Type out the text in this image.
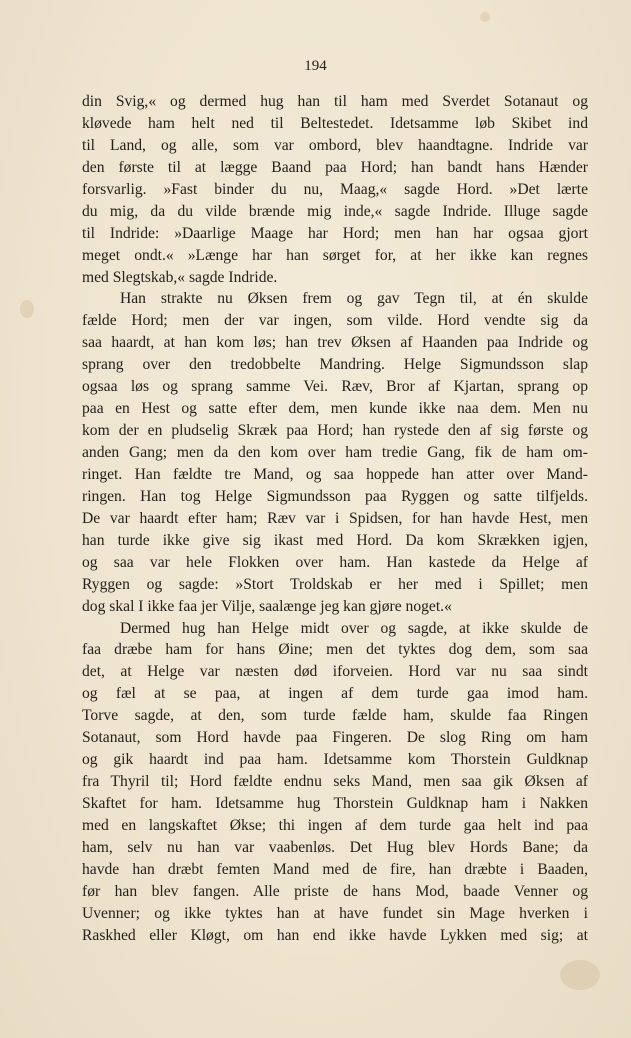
194
din Svig,« og dermed hug han til ham med Sverdet Sotanaut og
kløvede ham helt ned til Beltestedet. Idetsamme løb Skibet ind
til Land, og alle, som var ombord, blev haandtagne. Indride var
den første til at lægge Baand paa Hord; han bandt hans Hænder
forsvarlig. »Fast binder du nu, Maag,« sagde Hord. »Det lærte
du mig, da du vilde brænde mig inde,« sagde Indride. Illuge sagde
til Indride: »Daarlige Maage har Hord; men han har ogsaa gjort
meget ondt.« »Længe har han sørget for, at her ikke kan regnes
med Slegtskab,« sagde Indride.
Han strakte nu Øksen frem og gav Tegn til, at én skulde
fælde Hord; men der var ingen, som vilde. Hord vendte sig da
saa haardt, at han kom løs; han trev Øksen af Haanden paa Indride og
sprang over den tredobbelte Mandring. Helge Sigmundsson slap
ogsaa løs og sprang samme Vei. Ræv, Bror af Kjartan, sprang op
paa en Hest og satte efter dem, men kunde ikke naa dem. Men nu
kom der en pludselig Skræk paa Hord; han rystede den af sig første og
anden Gang; men da den kom over ham tredie Gang, fik de ham om-
ringet. Han fældte tre Mand, og saa hoppede han atter over Mand-
ringen. Han tog Helge Sigmundsson paa Ryggen og satte tilfjelds.
De var haardt efter ham; Ræv var i Spidsen, for han havde Hest, men
han turde ikke give sig ikast med Hord. Da kom Skrækken igjen,
og saa var hele Flokken over ham. Han kastede da Helge af
Ryggen og sagde: »Stort Troldskab er her med i Spillet; men
dog skal I ikke faa jer Vilje, saalænge jeg kan gjøre noget.«
Dermed hug han Helge midt over og sagde, at ikke skulde de
faa dræbe ham for hans Øine; men det tyktes dog dem, som saa
det, at Helge var næsten død iforveien. Hord var nu saa sindt
og fæl at se paa, at ingen af dem turde gaa imod ham.
Torve sagde, at den, som turde fælde ham, skulde faa Ringen
Sotanaut, som Hord havde paa Fingeren. De slog Ring om ham
og gik haardt ind paa ham. Idetsamme kom Thorstein Guldknap
fra Thyril til; Hord fældte endnu seks Mand, men saa gik Øksen af
Skaftet for ham. Idetsamme hug Thorstein Guldknap ham i Nakken
med en langskaftet Økse; thi ingen af dem turde gaa helt ind paa
ham, selv nu han var vaabenløs. Det Hug blev Hords Bane; da
havde han dræbt femten Mand med de fire, han dræbte i Baaden,
før han blev fangen. Alle priste de hans Mod, baade Venner og
Uvenner; og ikke tyktes han at have fundet sin Mage hverken i
Raskhed eller Kløgt, om han end ikke havde Lykken med sig; at
